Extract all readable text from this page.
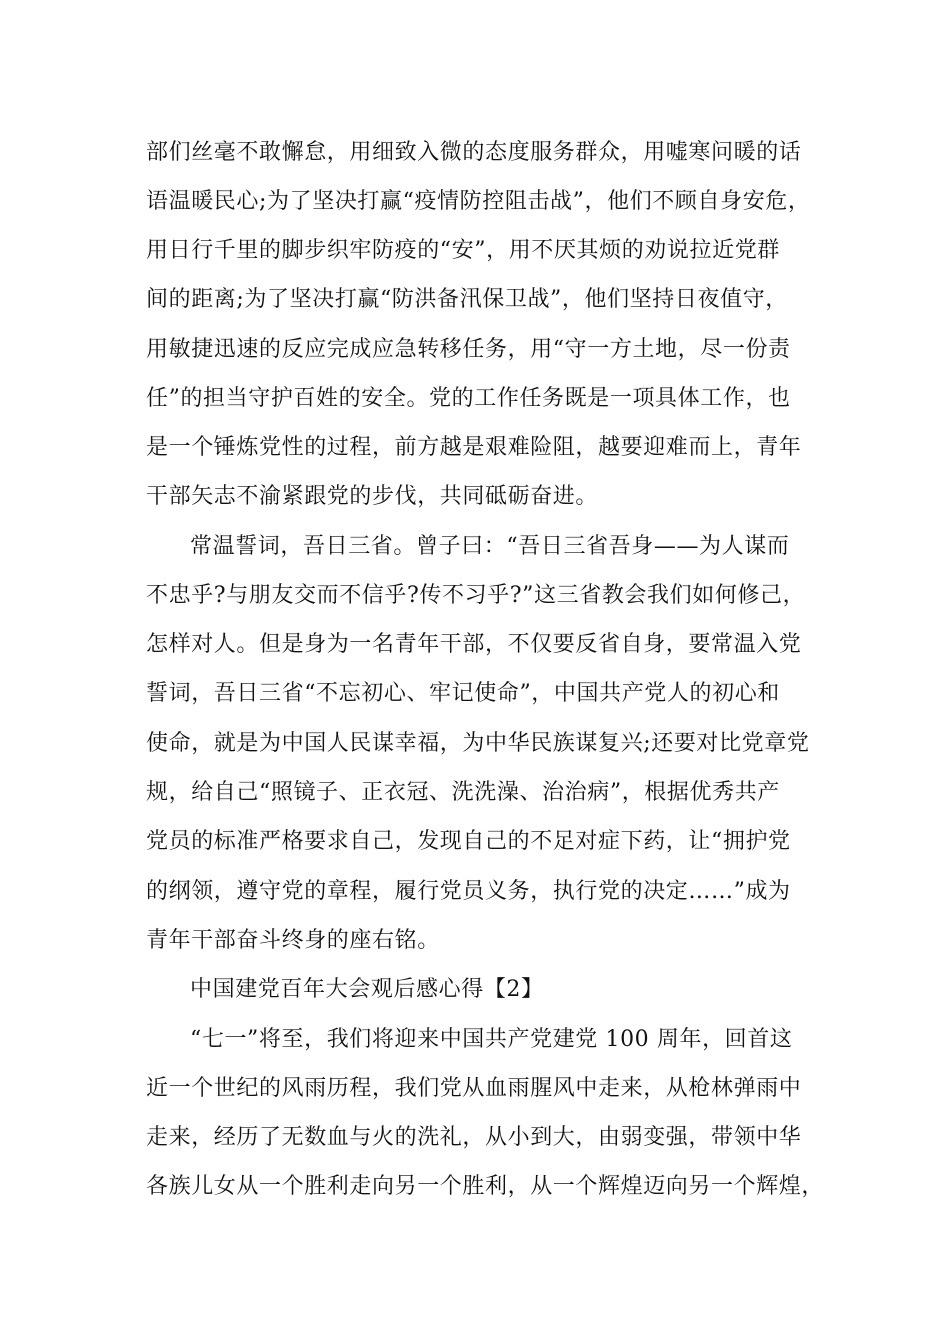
部们丝毫不敢懈怠，用细致入微的态度服务群众，用嘘寒问暖的话
语温暖民心;为了坚决打赢“疫情防控阻击战”，他们不顾自身安危，
用日行千里的脚步织牢防疫的“安”，用不厌其烦的劝说拉近党群
间的距离;为了坚决打赢“防洪备汛保卫战”，他们坚持日夜值守，
用敏捷迅速的反应完成应急转移任务，用“守一方土地，尽一份责
任”的担当守护百姓的安全。党的工作任务既是一项具体工作，也
是一个锤炼党性的过程，前方越是艰难险阻，越要迎难而上，青年
干部矢志不渝紧跟党的步伐，共同砥砺奋进。
常温誓词，吾日三省。曾子曰：“吾日三省吾身——为人谋而
不忠乎?与朋友交而不信乎?传不习乎?”这三省教会我们如何修己，
怎样对人。但是身为一名青年干部，不仅要反省自身，要常温入党
誓词，吾日三省“不忘初心、牢记使命”，中国共产党人的初心和
使命，就是为中国人民谋幸福，为中华民族谋复兴;还要对比党章党
规，给自己“照镜子、正衣冠、洗洗澡、治治病”，根据优秀共产
党员的标准严格要求自己，发现自己的不足对症下药，让“拥护党
的纲领，遵守党的章程，履行党员义务，执行党的决定……”成为
青年干部奋斗终身的座右铭。
中国建党百年大会观后感心得【2】
“七一”将至，我们将迎来中国共产党建党 100 周年，回首这
近一个世纪的风雨历程，我们党从血雨腥风中走来，从枪林弹雨中
走来，经历了无数血与火的洗礼，从小到大，由弱变强，带领中华
各族儿女从一个胜利走向另一个胜利，从一个辉煌迈向另一个辉煌，
